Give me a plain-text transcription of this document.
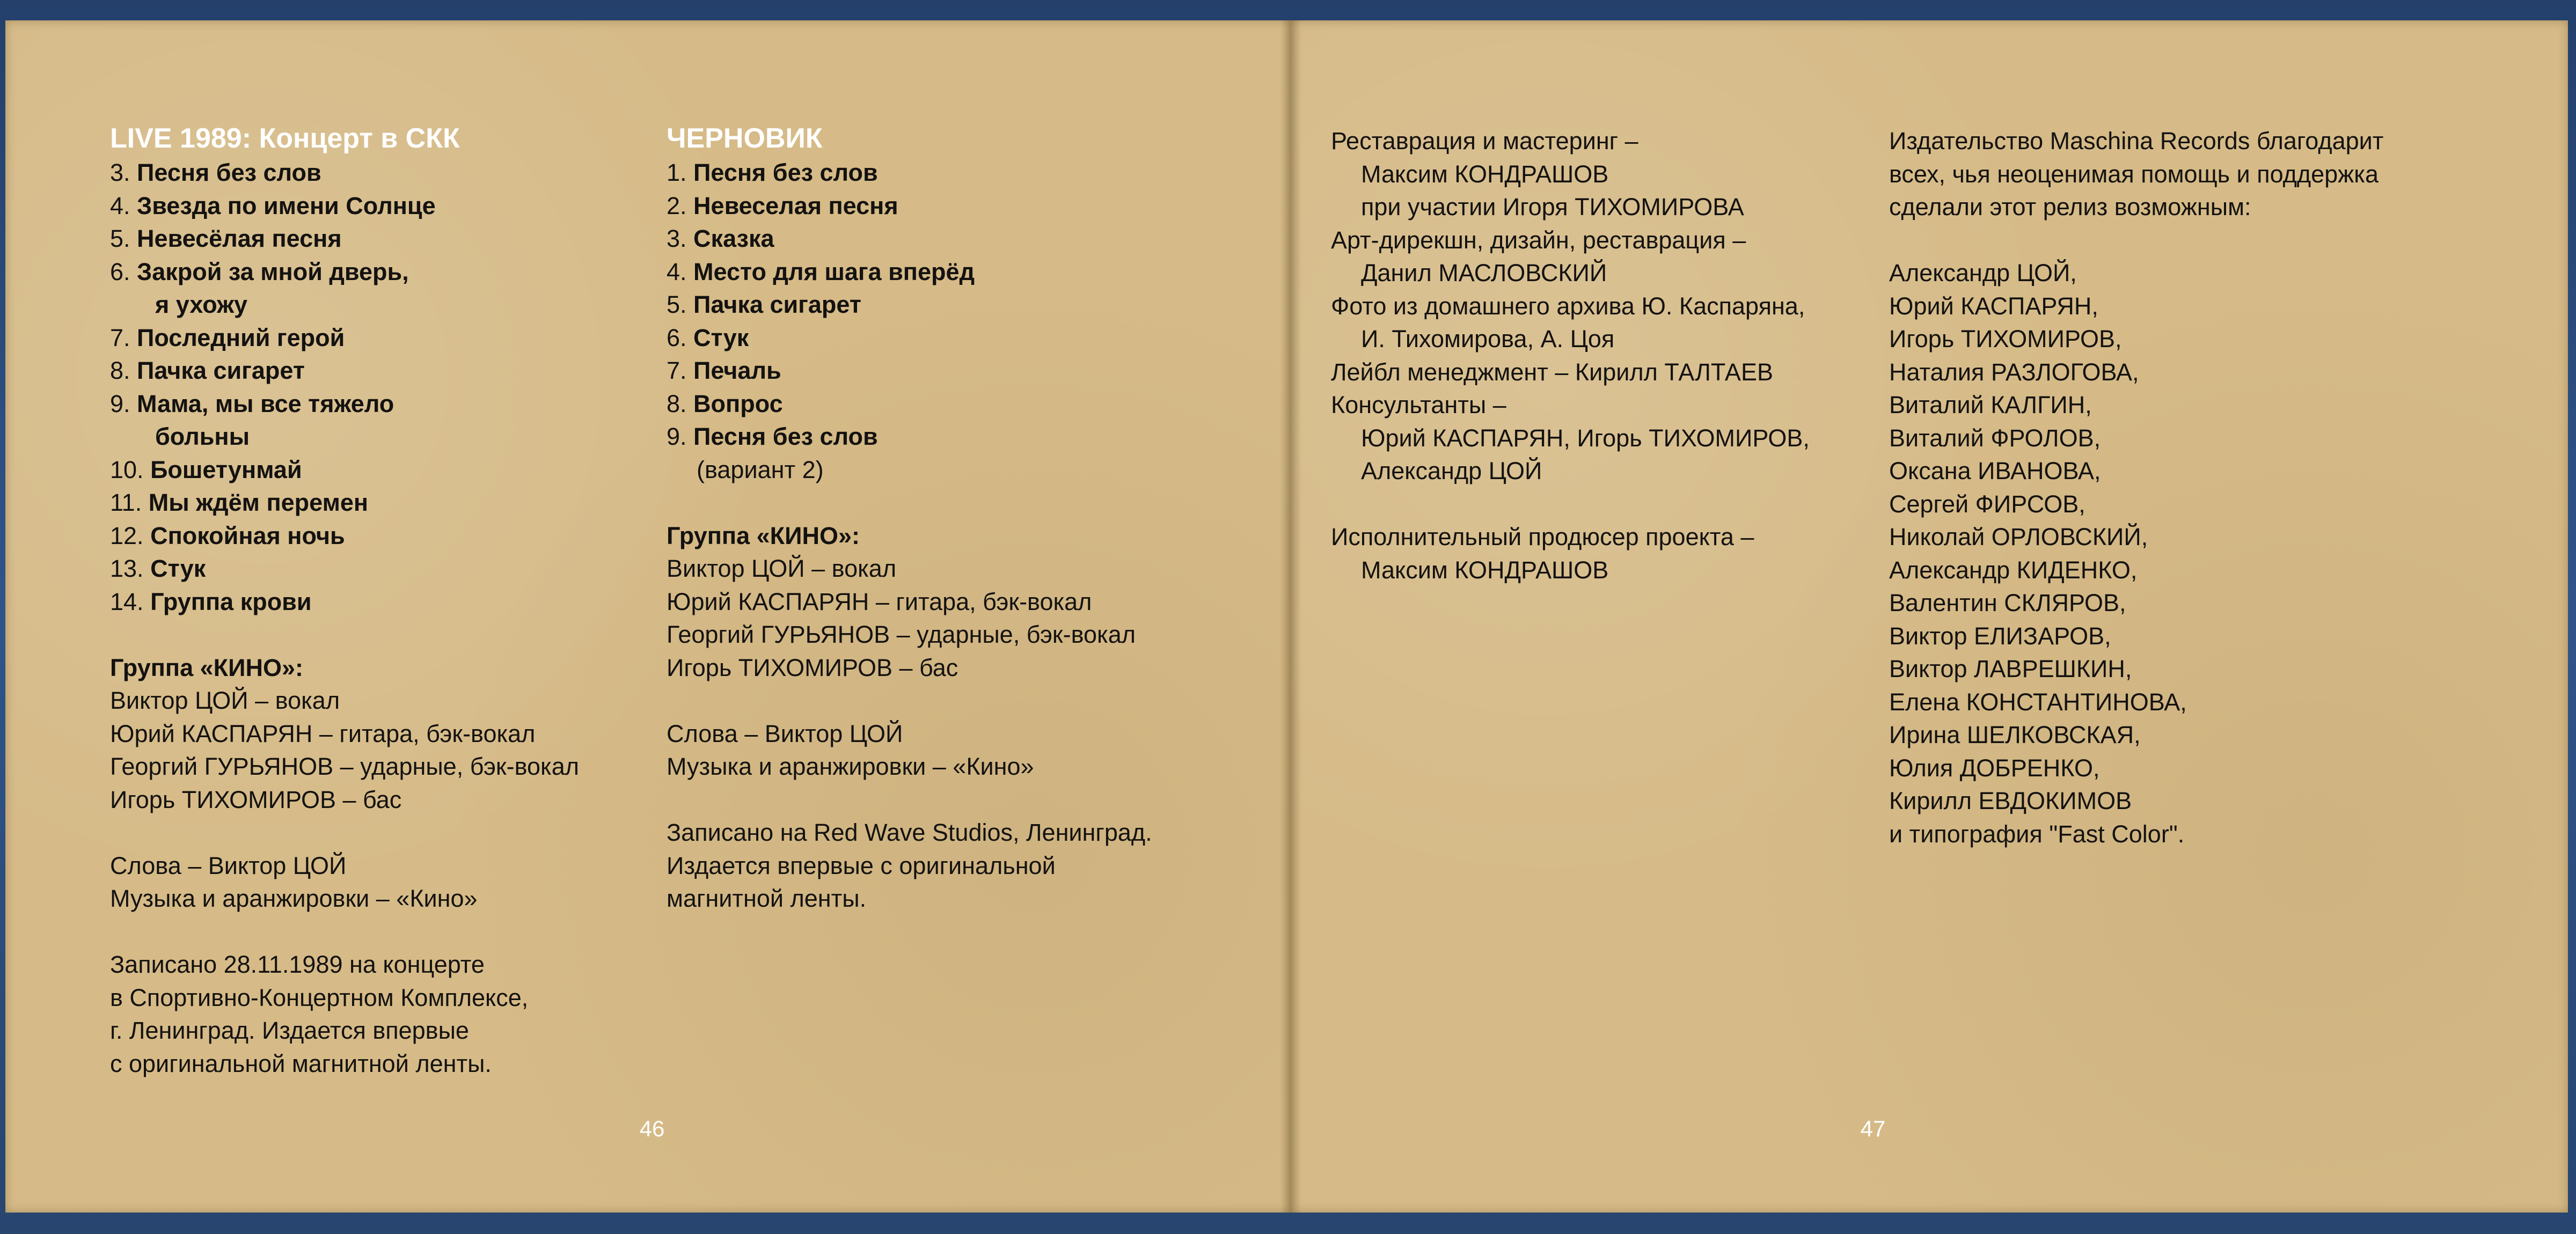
LIVE 1989: Концерт в СКК
3. Песня без слов
4. Звезда по имени Солнце
5. Невесёлая песня
6. Закрой за мной дверь,
я ухожу
7. Последний герой
8. Пачка сигарет
9. Мама, мы все тяжело
больны
10. Бошетунмай
11. Мы ждём перемен
12. Спокойная ночь
13. Стук
14. Группа крови
Группа «КИНО»:
Виктор ЦОЙ – вокал
Юрий КАСПАРЯН – гитара, бэк-вокал
Георгий ГУРЬЯНОВ – ударные, бэк-вокал
Игорь ТИХОМИРОВ – бас
Слова – Виктор ЦОЙ
Музыка и аранжировки – «Кино»
Записано 28.11.1989 на концерте
в Спортивно-Концертном Комплексе,
г. Ленинград. Издается впервые
с оригинальной магнитной ленты.
ЧЕРНОВИК
1. Песня без слов
2. Невеселая песня
3. Сказка
4. Место для шага вперёд
5. Пачка сигарет
6. Стук
7. Печаль
8. Вопрос
9. Песня без слов
(вариант 2)
Группа «КИНО»:
Виктор ЦОЙ – вокал
Юрий КАСПАРЯН – гитара, бэк-вокал
Георгий ГУРЬЯНОВ – ударные, бэк-вокал
Игорь ТИХОМИРОВ – бас
Слова – Виктор ЦОЙ
Музыка и аранжировки – «Кино»
Записано на Red Wave Studios, Ленинград.
Издается впервые с оригинальной
магнитной ленты.
46
Реставрация и мастеринг –
Максим КОНДРАШОВ
при участии Игоря ТИХОМИРОВА
Арт-дирекшн, дизайн, реставрация –
Данил МАСЛОВСКИЙ
Фото из домашнего архива Ю. Каспаряна,
И. Тихомирова, А. Цоя
Лейбл менеджмент – Кирилл ТАЛТАЕВ
Консультанты –
Юрий КАСПАРЯН, Игорь ТИХОМИРОВ,
Александр ЦОЙ
Исполнительный продюсер проекта –
Максим КОНДРАШОВ
Издательство Maschina Records благодарит
всех, чья неоценимая помощь и поддержка
сделали этот релиз возможным:
Александр ЦОЙ,
Юрий КАСПАРЯН,
Игорь ТИХОМИРОВ,
Наталия РАЗЛОГОВА,
Виталий КАЛГИН,
Виталий ФРОЛОВ,
Оксана ИВАНОВА,
Сергей ФИРСОВ,
Николай ОРЛОВСКИЙ,
Александр КИДЕНКО,
Валентин СКЛЯРОВ,
Виктор ЕЛИЗАРОВ,
Виктор ЛАВРЕШКИН,
Елена КОНСТАНТИНОВА,
Ирина ШЕЛКОВСКАЯ,
Юлия ДОБРЕНКО,
Кирилл ЕВДОКИМОВ
и типография "Fast Color".
47
